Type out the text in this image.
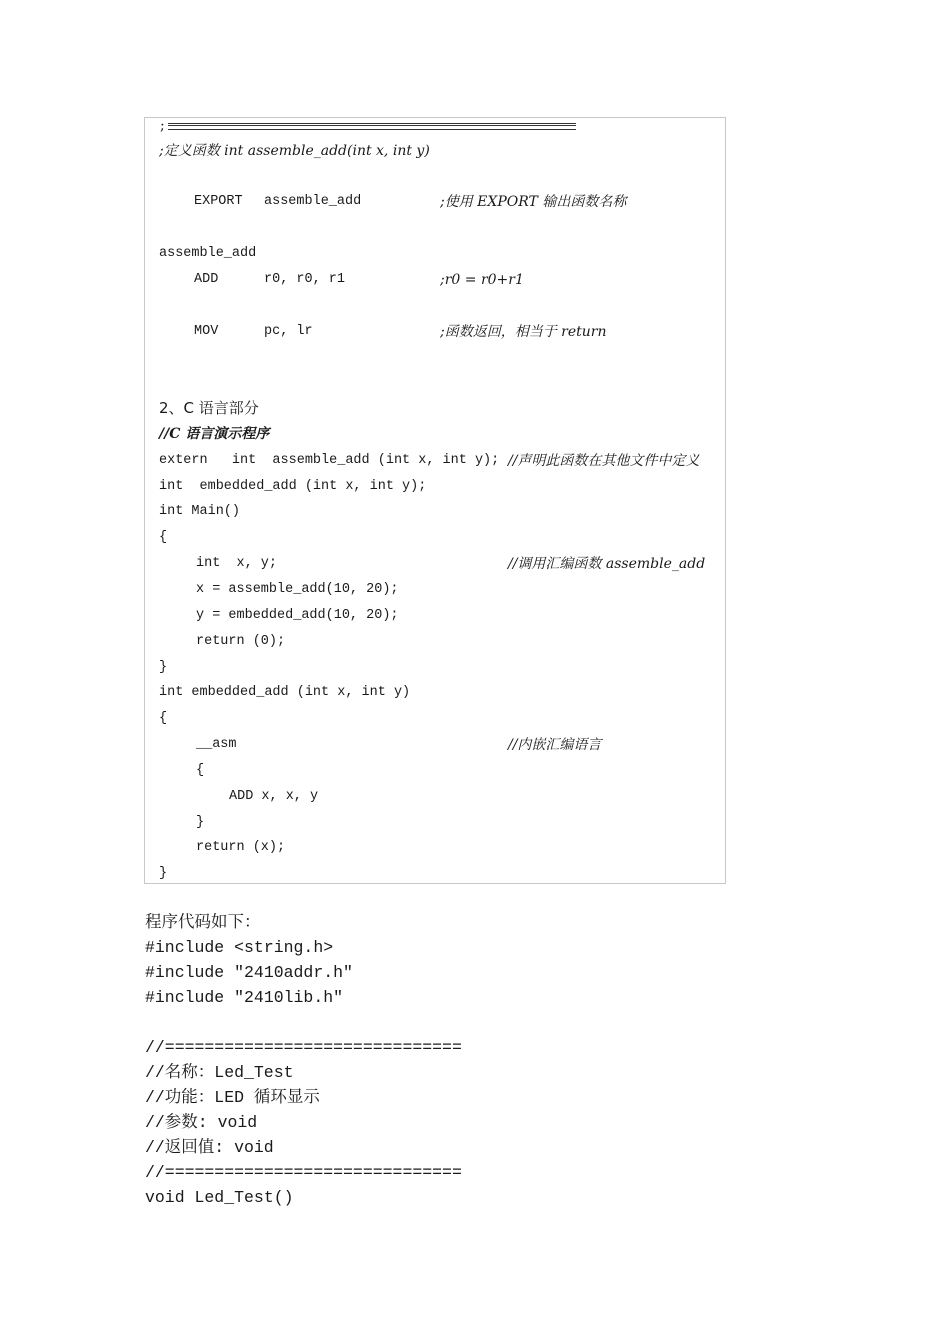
;
;定义函数 int assemble_add(int x, int y)
EXPORT assemble_add	;使用 EXPORT 输出函数名称
assemble_add
ADD	r0, r0, r1	;r0 = r0+r1
MOV	pc, lr	;函数返回，相当于 return
2、C 语言部分
//C 语言演示程序
extern   int  assemble_add (int x, int y); //声明此函数在其他文件中定义
int  embedded_add (int x, int y);
int Main()
{
int  x, y;	//调用汇编函数 assemble_add
x = assemble_add(10, 20);
y = embedded_add(10, 20);
return (0);
}
int embedded_add (int x, int y)
{
__asm	//内嵌汇编语言
{
ADD x, x, y
}
return (x);
}
程序代码如下：
#include <string.h>
#include "2410addr.h"
#include "2410lib.h"
//==============================
//名称：Led_Test
//功能：LED 循环显示
//参数: void
//返回值: void
//==============================
void Led_Test()
